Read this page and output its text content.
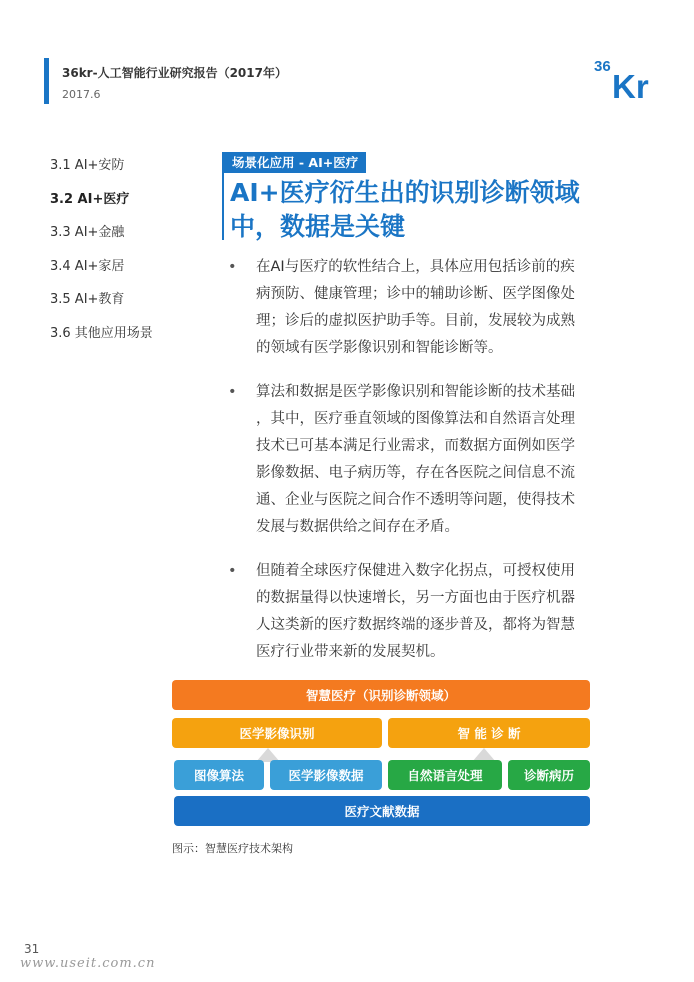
36kr-人工智能行业研究报告（2017年）
2017.6
36
Kr
3.1 AI+安防
3.2 AI+医疗
3.3 AI+金融
3.4 AI+家居
3.5 AI+教育
3.6 其他应用场景
场景化应用 - AI+医疗
AI+医疗衍生出的识别诊断领域
中，数据是关键
• 在AI与医疗的软性结合上，具体应用包括诊前的疾
病预防、健康管理；诊中的辅助诊断、医学图像处
理；诊后的虚拟医护助手等。目前，发展较为成熟
的领域有医学影像识别和智能诊断等。
• 算法和数据是医学影像识别和智能诊断的技术基础
，其中，医疗垂直领域的图像算法和自然语言处理
技术已可基本满足行业需求，而数据方面例如医学
影像数据、电子病历等，存在各医院之间信息不流
通、企业与医院之间合作不透明等问题，使得技术
发展与数据供给之间存在矛盾。
• 但随着全球医疗保健进入数字化拐点，可授权使用
的数据量得以快速增长，另一方面也由于医疗机器
人这类新的医疗数据终端的逐步普及，都将为智慧
医疗行业带来新的发展契机。
智慧医疗（识别诊断领域）
医学影像识别	智 能 诊 断
图像算法	医学影像数据	自然语言处理	诊断病历
医疗文献数据
图示：智慧医疗技术架构
31
www.useit.com.cn
